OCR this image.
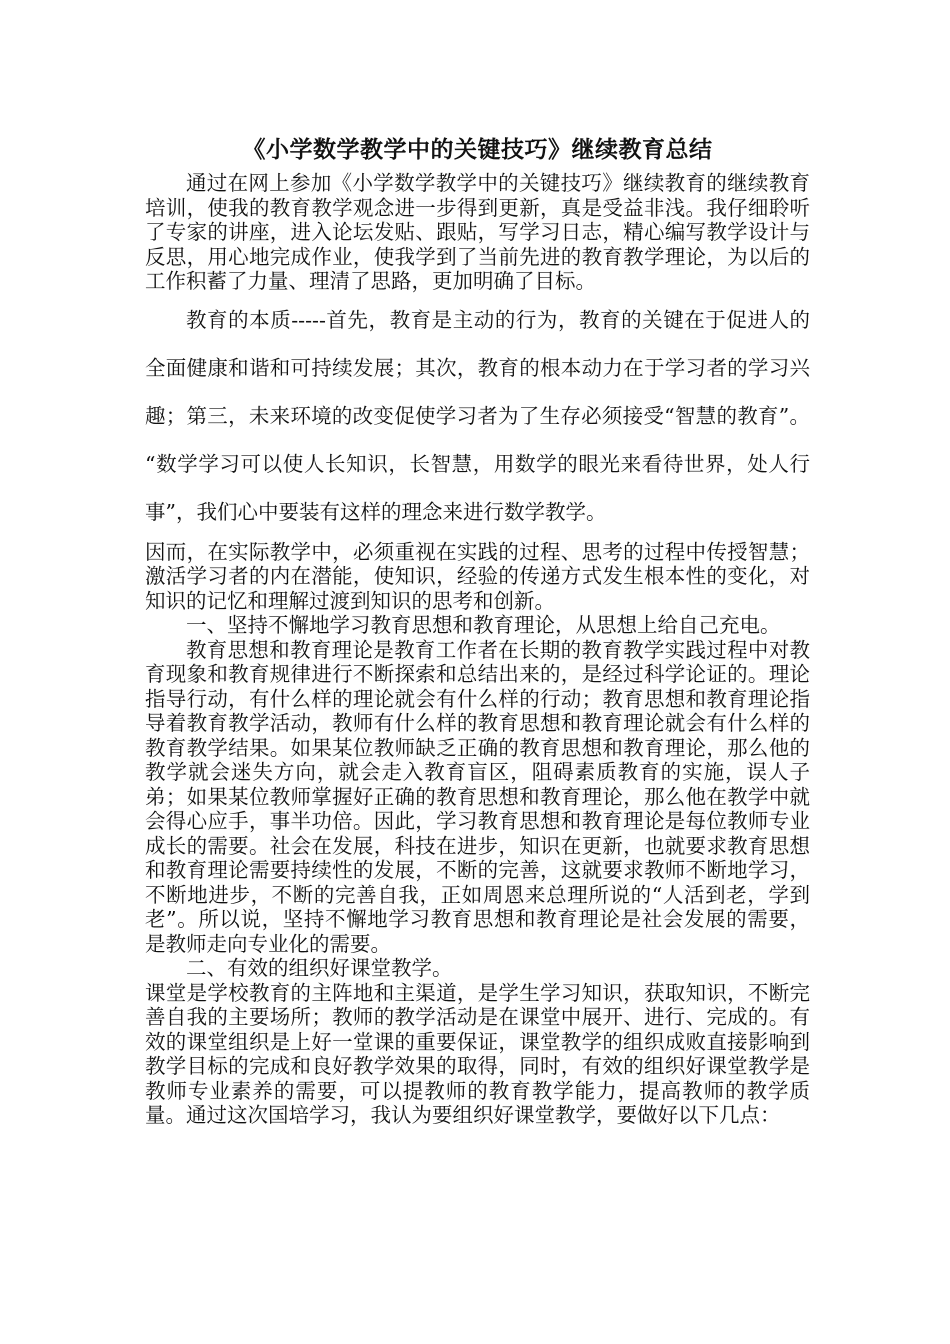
《小学数学教学中的关键技巧》继续教育总结

通过在网上参加《小学数学教学中的关键技巧》继续教育的继续教育培训，使我的教育教学观念进一步得到更新，真是受益非浅。我仔细聆听了专家的讲座，进入论坛发贴、跟贴，写学习日志，精心编写教学设计与反思，用心地完成作业，使我学到了当前先进的教育教学理论，为以后的工作积蓄了力量、理清了思路，更加明确了目标。

教育的本质-----首先，教育是主动的行为，教育的关键在于促进人的全面健康和谐和可持续发展；其次，教育的根本动力在于学习者的学习兴趣；第三，未来环境的改变促使学习者为了生存必须接受“智慧的教育”。 “数学学习可以使人长知识，长智慧，用数学的眼光来看待世界，处人行事”，我们心中要装有这样的理念来进行数学教学。

因而，在实际教学中，必须重视在实践的过程、思考的过程中传授智慧；激活学习者的内在潜能，使知识，经验的传递方式发生根本性的变化，对知识的记忆和理解过渡到知识的思考和创新。

一、坚持不懈地学习教育思想和教育理论，从思想上给自己充电。

教育思想和教育理论是教育工作者在长期的教育教学实践过程中对教育现象和教育规律进行不断探索和总结出来的，是经过科学论证的。理论指导行动，有什么样的理论就会有什么样的行动；教育思想和教育理论指导着教育教学活动，教师有什么样的教育思想和教育理论就会有什么样的教育教学结果。如果某位教师缺乏正确的教育思想和教育理论，那么他的教学就会迷失方向，就会走入教育盲区，阻碍素质教育的实施，误人子弟；如果某位教师掌握好正确的教育思想和教育理论，那么他在教学中就会得心应手，事半功倍。因此，学习教育思想和教育理论是每位教师专业成长的需要。社会在发展，科技在进步，知识在更新，也就要求教育思想和教育理论需要持续性的发展，不断的完善，这就要求教师不断地学习，不断地进步，不断的完善自我，正如周恩来总理所说的“人活到老，学到老”。所以说，坚持不懈地学习教育思想和教育理论是社会发展的需要，是教师走向专业化的需要。

二、有效的组织好课堂教学。

课堂是学校教育的主阵地和主渠道，是学生学习知识，获取知识，不断完善自我的主要场所；教师的教学活动是在课堂中展开、进行、完成的。有效的课堂组织是上好一堂课的重要保证，课堂教学的组织成败直接影响到教学目标的完成和良好教学效果的取得，同时，有效的组织好课堂教学是教师专业素养的需要，可以提教师的教育教学能力，提高教师的教学质量。通过这次国培学习，我认为要组织好课堂教学，要做好以下几点：
